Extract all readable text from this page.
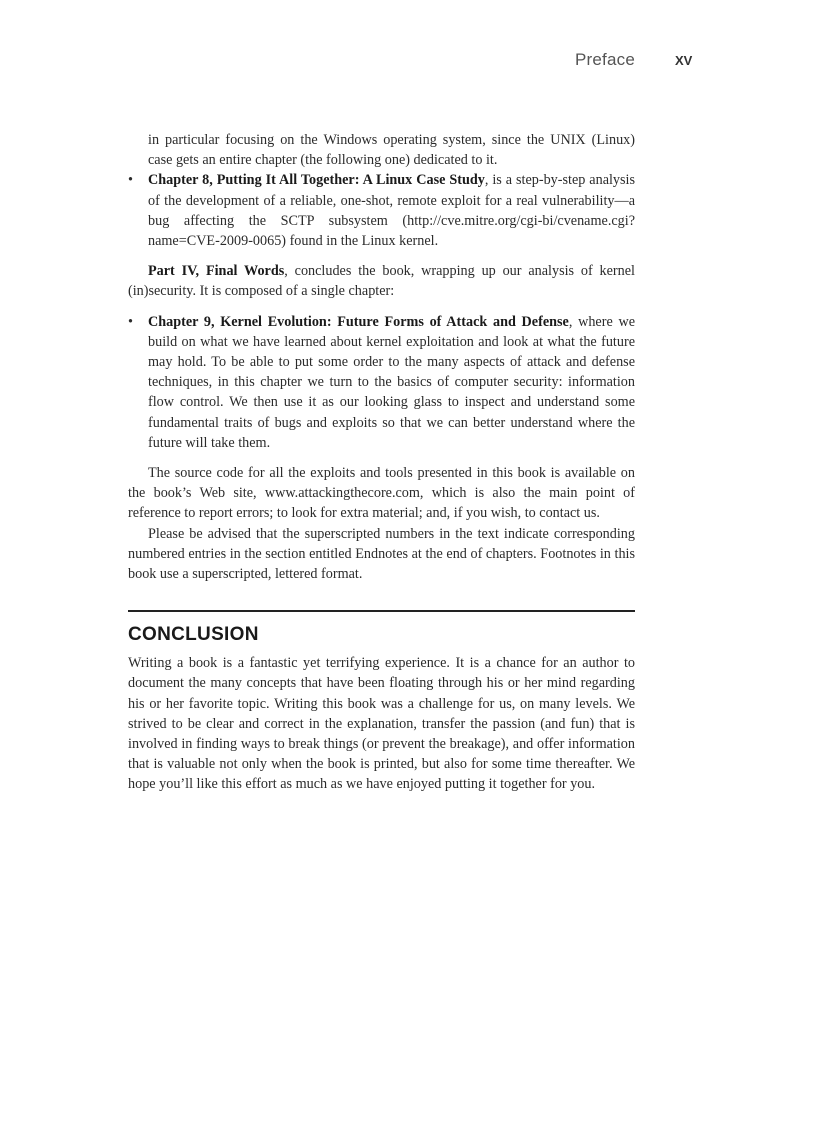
Preface	XV

in particular focusing on the Windows operating system, since the UNIX (Linux) case gets an entire chapter (the following one) dedicated to it.

• Chapter 8, Putting It All Together: A Linux Case Study, is a step-by-step analysis of the development of a reliable, one-shot, remote exploit for a real vulnerability—a bug affecting the SCTP subsystem (http://cve.mitre.org/cgi-bi/cvename.cgi?name=CVE-2009-0065) found in the Linux kernel.

Part IV, Final Words, concludes the book, wrapping up our analysis of kernel (in)security. It is composed of a single chapter:

• Chapter 9, Kernel Evolution: Future Forms of Attack and Defense, where we build on what we have learned about kernel exploitation and look at what the future may hold. To be able to put some order to the many aspects of attack and defense techniques, in this chapter we turn to the basics of computer security: information flow control. We then use it as our looking glass to inspect and understand some fundamental traits of bugs and exploits so that we can better understand where the future will take them.

The source code for all the exploits and tools presented in this book is available on the book’s Web site, www.attackingthecore.com, which is also the main point of reference to report errors; to look for extra material; and, if you wish, to contact us.

Please be advised that the superscripted numbers in the text indicate corresponding numbered entries in the section entitled Endnotes at the end of chapters. Footnotes in this book use a superscripted, lettered format.

CONCLUSION

Writing a book is a fantastic yet terrifying experience. It is a chance for an author to document the many concepts that have been floating through his or her mind regarding his or her favorite topic. Writing this book was a challenge for us, on many levels. We strived to be clear and correct in the explanation, transfer the passion (and fun) that is involved in finding ways to break things (or prevent the breakage), and offer information that is valuable not only when the book is printed, but also for some time thereafter. We hope you’ll like this effort as much as we have enjoyed putting it together for you.
